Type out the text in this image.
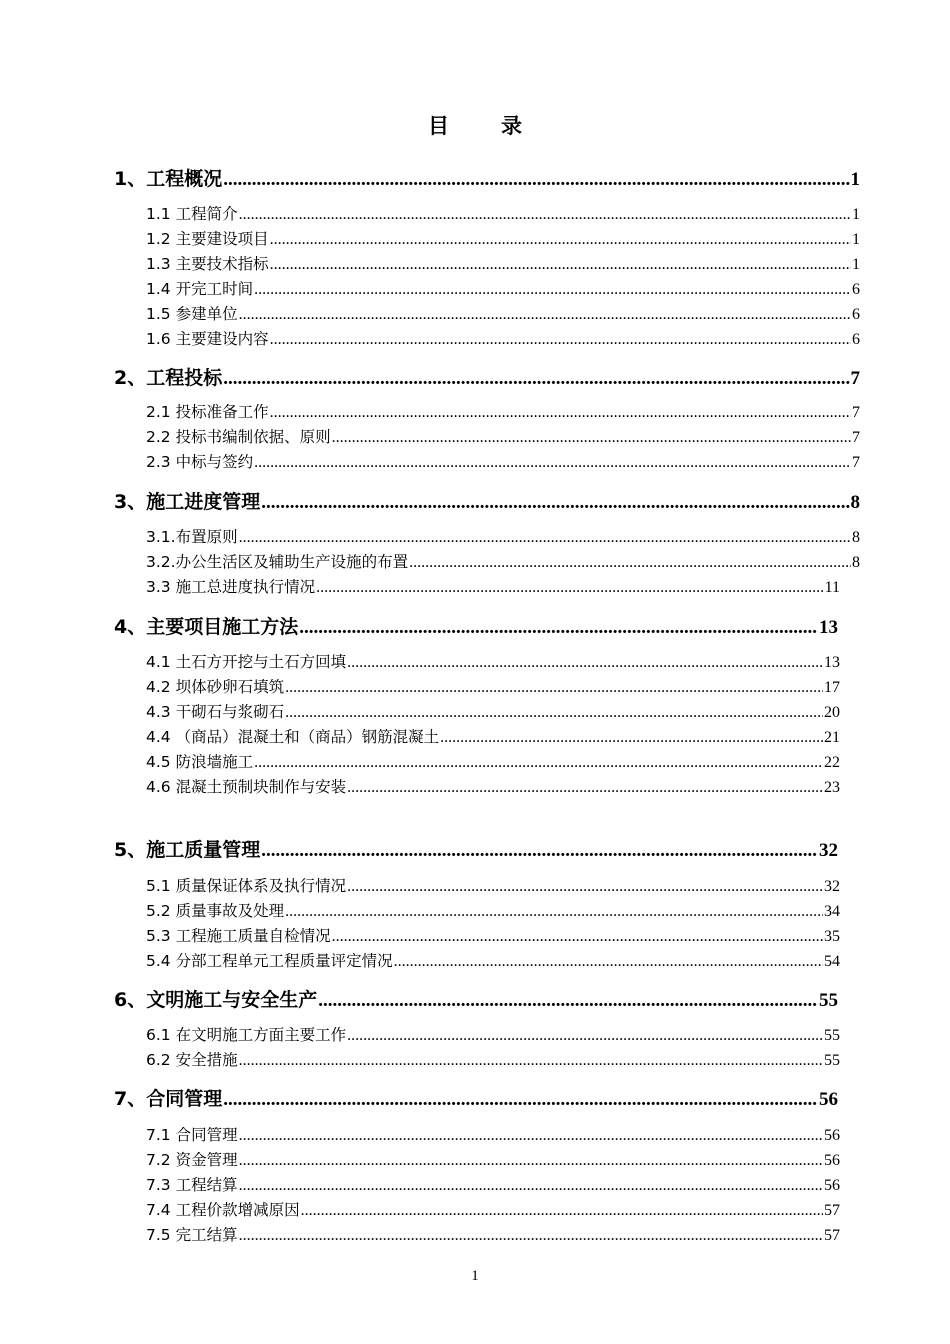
目 录
1、工程概况 .....	1
1.1 工程简介 .....	1
1.2 主要建设项目 .....	1
1.3 主要技术指标 .....	1
1.4 开完工时间 .....	6
1.5 参建单位 .....	6
1.6 主要建设内容 .....	6
2、工程投标 .....	7
2.1 投标准备工作 .....	7
2.2 投标书编制依据、原则 .....	7
2.3 中标与签约 .....	7
3、施工进度管理 .....	8
3.1.布置原则 .....	8
3.2.办公生活区及辅助生产设施的布置 .....	8
3.3 施工总进度执行情况 .....	11
4、主要项目施工方法 .....	13
4.1 土石方开挖与土石方回填 .....	13
4.2 坝体砂卵石填筑 .....	17
4.3 干砌石与浆砌石 .....	20
4.4 （商品）混凝土和（商品）钢筋混凝土 .....	21
4.5 防浪墙施工 .....	22
4.6 混凝土预制块制作与安装 .....	23
5、施工质量管理 .....	32
5.1 质量保证体系及执行情况 .....	32
5.2 质量事故及处理 .....	34
5.3 工程施工质量自检情况 .....	35
5.4 分部工程单元工程质量评定情况 .....	54
6、文明施工与安全生产 .....	55
6.1 在文明施工方面主要工作 .....	55
6.2 安全措施 .....	55
7、合同管理 .....	56
7.1 合同管理 .....	56
7.2 资金管理 .....	56
7.3 工程结算 .....	56
7.4 工程价款增减原因 .....	57
7.5 完工结算 .....	57
1
